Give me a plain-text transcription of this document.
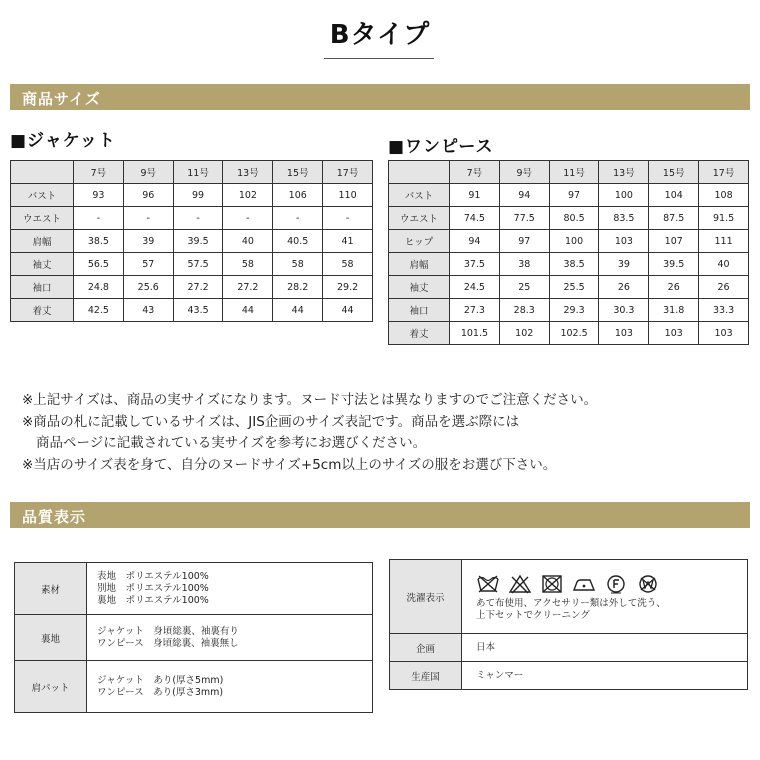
Bタイプ
商品サイズ
■ジャケット	■ワンピース
	7号	9号	11号	13号	15号	17号
バスト	93	96	99	102	106	110
ウエスト	-	-	-	-	-	-
肩幅	38.5	39	39.5	40	40.5	41
袖丈	56.5	57	57.5	58	58	58
袖口	24.8	25.6	27.2	27.2	28.2	29.2
着丈	42.5	43	43.5	44	44	44
	7号	9号	11号	13号	15号	17号
バスト	91	94	97	100	104	108
ウエスト	74.5	77.5	80.5	83.5	87.5	91.5
ヒップ	94	97	100	103	107	111
肩幅	37.5	38	38.5	39	39.5	40
袖丈	24.5	25	25.5	26	26	26
袖口	27.3	28.3	29.3	30.3	31.8	33.3
着丈	101.5	102	102.5	103	103	103
※上記サイズは、商品の実サイズになります。ヌード寸法とは異なりますのでご注意ください。
※商品の札に記載しているサイズは、JIS企画のサイズ表記です。商品を選ぶ際には
商品ページに記載されている実サイズを参考にお選びください。
※当店のサイズ表を身て、自分のヌードサイズ+5cm以上のサイズの服をお選び下さい。
品質表示
素材	表地　ポリエステル100%
別地　ポリエステル100%
裏地　ポリエステル100%

裏地	ジャケット　身頃総裏、袖裏有り
ワンピース　身頃総裏、袖裏無し

肩パット	ジャケット　あり(厚さ5mm)
ワンピース　あり(厚さ3mm)
洗濯表示	あて布使用、アクセサリー類は外して洗う、
上下セットでクリーニング

企画	日本
生産国	ミャンマー
